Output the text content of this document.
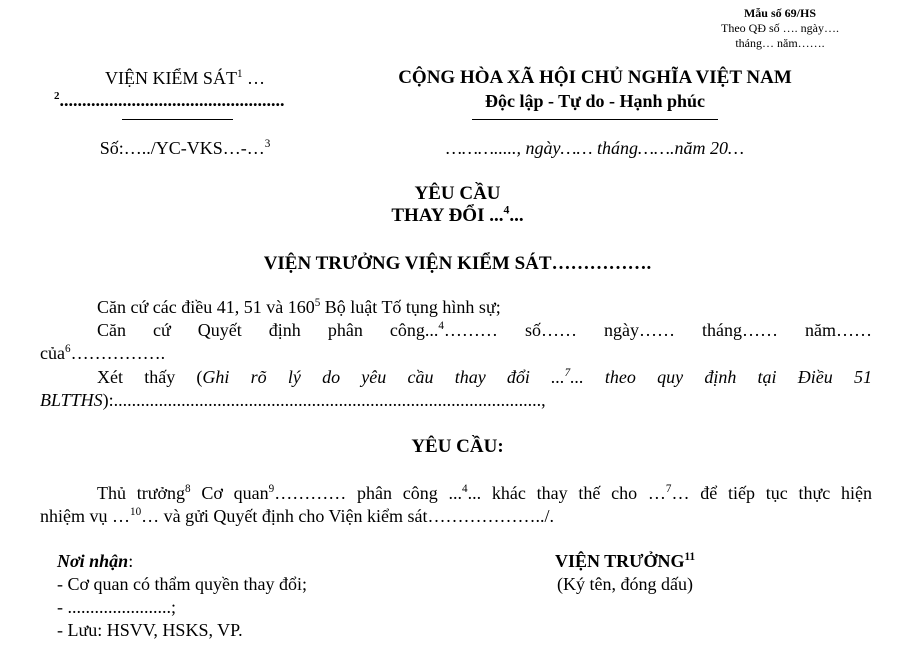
Mẫu số 69/HS
Theo QĐ số …. ngày….
tháng… năm…….
VIỆN KIỂM SÁT$^1$ …
$^2$..................................................
Số:…../YC-VKS…-…$^3$
CỘNG HÒA XÃ HỘI CHỦ NGHĨA VIỆT NAM
Độc lập - Tự do - Hạnh phúc
………....., ngày…… tháng…….năm 20…
YÊU CẦU
THAY ĐỔI ...$^4$...
VIỆN TRƯỞNG VIỆN KIỂM SÁT…………….
Căn cứ các điều 41, 51 và $160^5$ Bộ luật Tố tụng hình sự;
Căn cứ Quyết định phân công...$^4$……… số…… ngày…… tháng…… năm……
của$^6$…………….
Xét thấy (Ghi rõ lý do yêu cầu thay đổi ...$^7$... theo quy định tại Điều 51
BLTTHS):...............................................................................................,
YÊU CẦU:
Thủ trưởng$^8$ Cơ quan$^9$………… phân công ...$^4$... khác thay thế cho …$^7$… để tiếp tục thực hiện
nhiệm vụ …$^{10}$… và gửi Quyết định cho Viện kiểm sát………………../.
Nơi nhận:
- Cơ quan có thẩm quyền thay đổi;
- .......................;
- Lưu: HSVV, HSKS, VP.
VIỆN TRƯỞNG$^{11}$
(Ký tên, đóng dấu)
